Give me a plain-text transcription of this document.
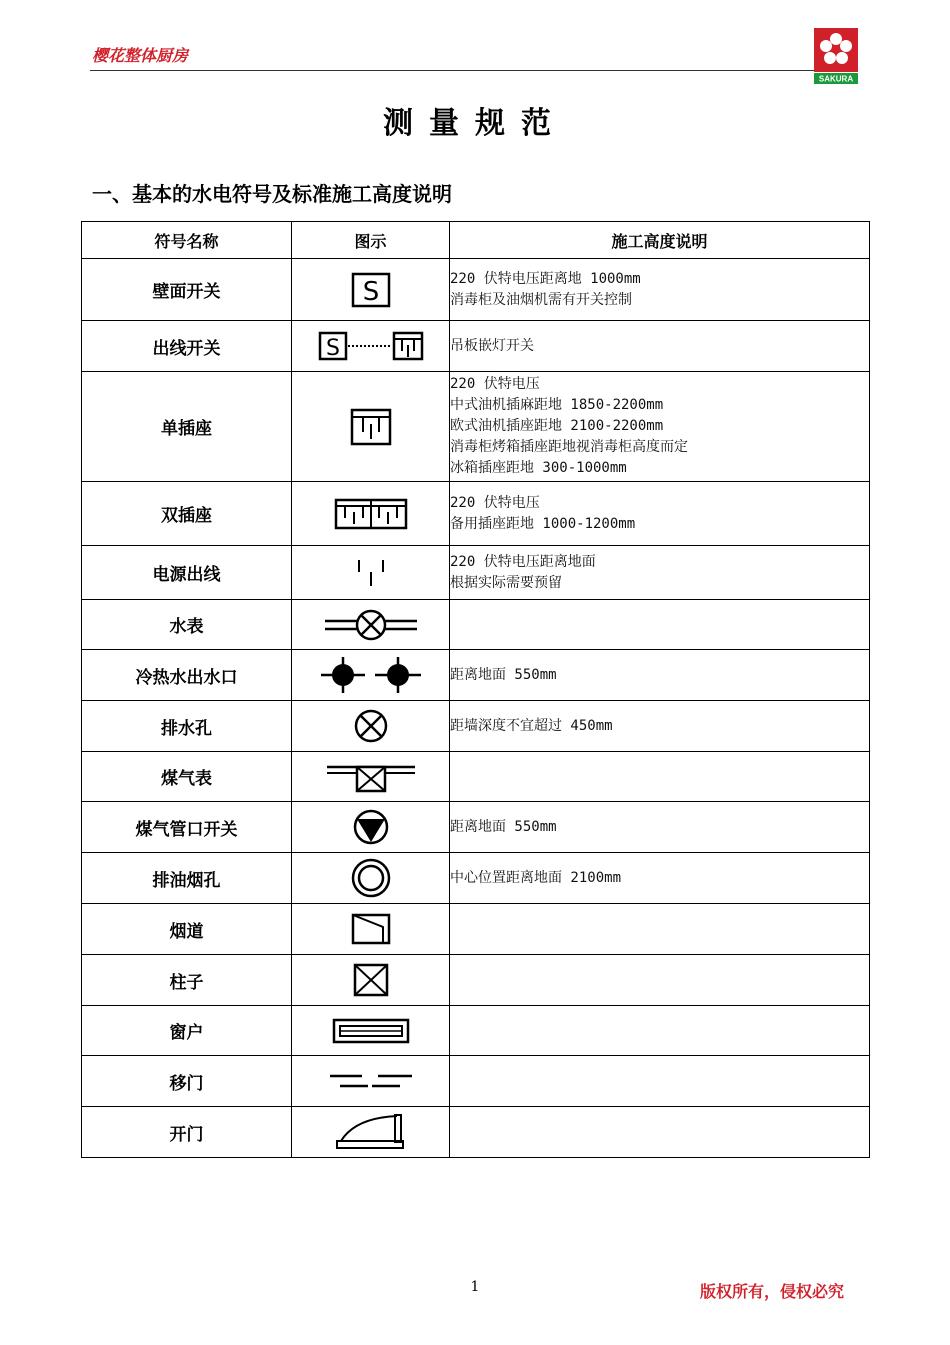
樱花整体厨房
SAKURA
测量规范
一、基本的水电符号及标准施工高度说明
符号名称	图示	施工高度说明
壁面开关	S	220 伏特电压距离地 1000mm
消毒柜及油烟机需有开关控制

出线开关	S	吊板嵌灯开关

单插座		220 伏特电压
中式油机插麻距地 1850-2200mm
欧式油机插座距地 2100-2200mm
消毒柜烤箱插座距地视消毒柜高度而定
冰箱插座距地 300-1000mm

双插座		220 伏特电压
备用插座距地 1000-1200mm

电源出线		220 伏特电压距离地面
根据实际需要预留

水表		
冷热水出水口		距离地面 550mm

排水孔		距墙深度不宜超过 450mm

煤气表		
煤气管口开关		距离地面 550mm

排油烟孔		中心位置距离地面 2100mm

烟道		
柱子		
窗户		
移门		
开门		
1	版权所有，侵权必究
